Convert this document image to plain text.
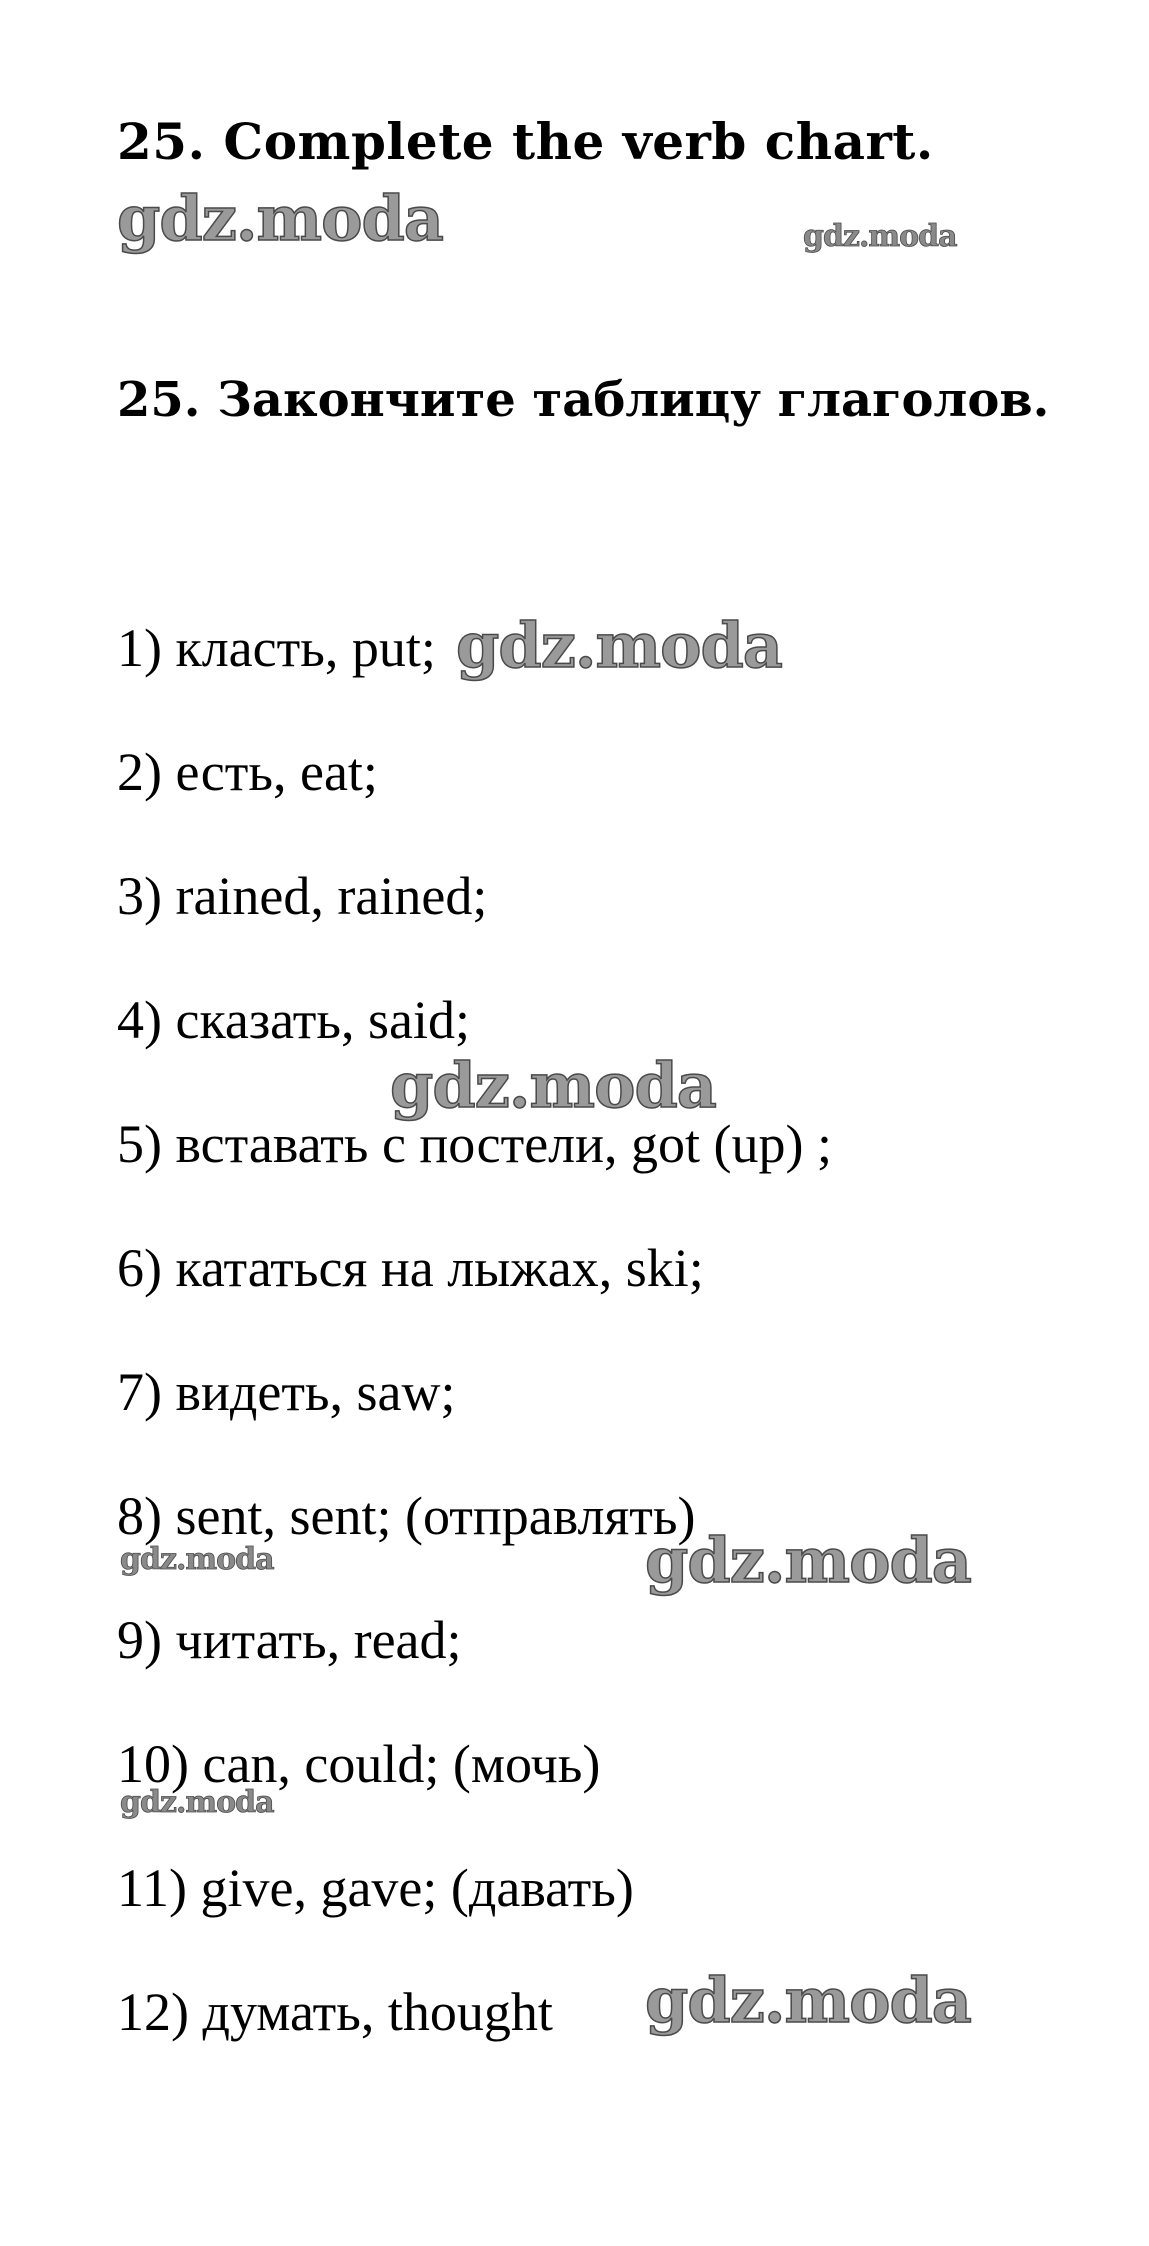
25. Complete the verb chart.
25. Закончите таблицу глаголов.
1) класть, put;
2) есть, eat;
3) rained, rained;
4) сказать, said;
5) вставать с постели, got (up) ;
6) кататься на лыжах, ski;
7) видеть, saw;
8) sent, sent; (отправлять)
9) читать, read;
10) can, could; (мочь)
11) give, gave; (давать)
12) думать, thought
gdz.moda	gdz.moda
gdz.moda
gdz.moda
gdz.moda	gdz.moda
gdz.moda
gdz.moda
